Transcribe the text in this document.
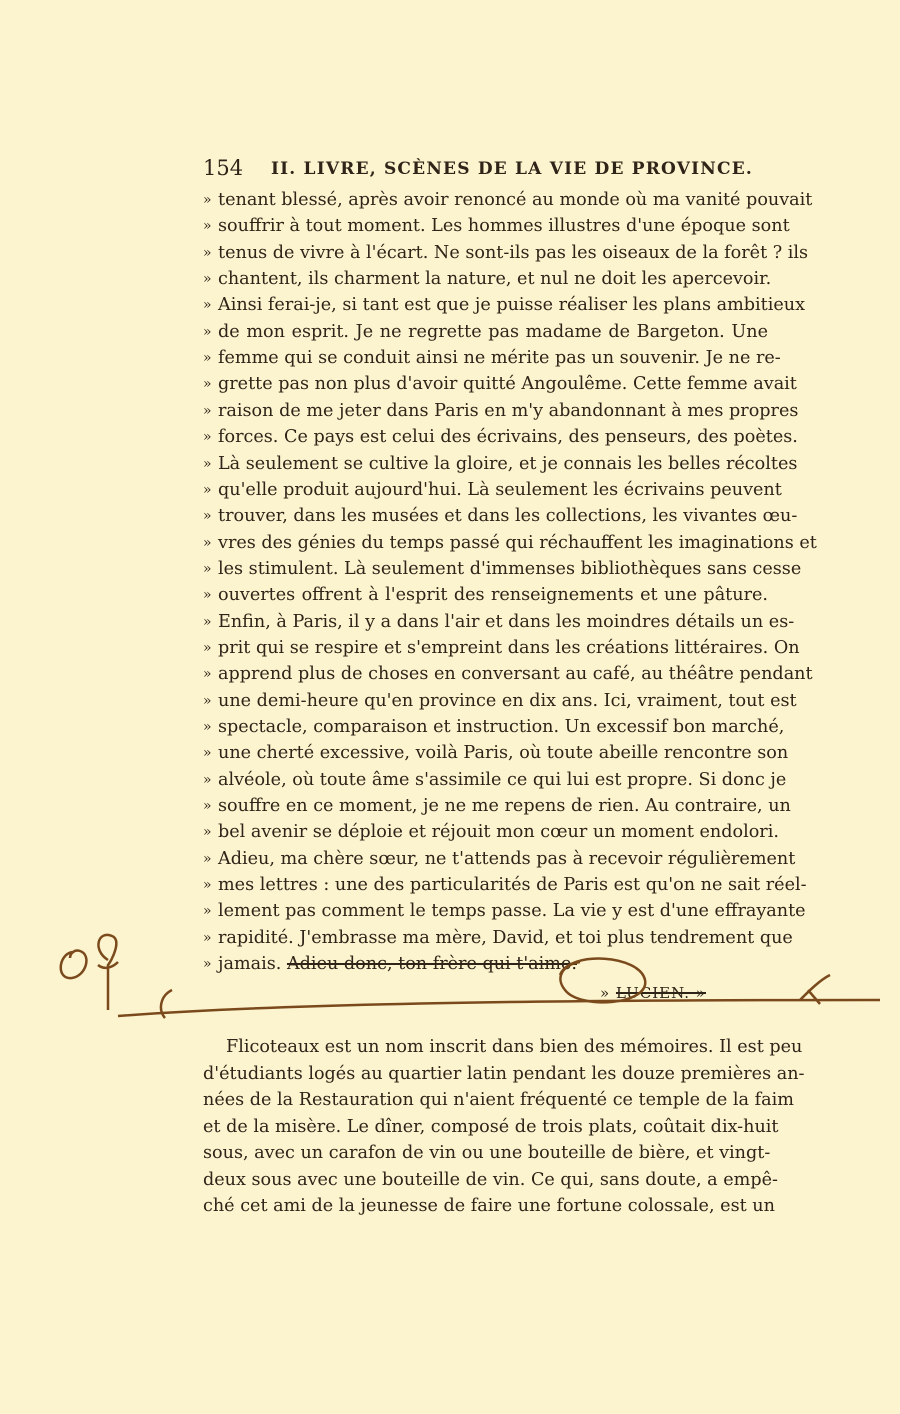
154 II. LIVRE, SCÈNES DE LA VIE DE PROVINCE.
» tenant blessé, après avoir renoncé au monde où ma vanité pouvait
» souffrir à tout moment. Les hommes illustres d'une époque sont
» tenus de vivre à l'écart. Ne sont-ils pas les oiseaux de la forêt ? ils
» chantent, ils charment la nature, et nul ne doit les apercevoir.
» Ainsi ferai-je, si tant est que je puisse réaliser les plans ambitieux
» de mon esprit. Je ne regrette pas madame de Bargeton. Une
» femme qui se conduit ainsi ne mérite pas un souvenir. Je ne re-
» grette pas non plus d'avoir quitté Angoulême. Cette femme avait
» raison de me jeter dans Paris en m'y abandonnant à mes propres
» forces. Ce pays est celui des écrivains, des penseurs, des poètes.
» Là seulement se cultive la gloire, et je connais les belles récoltes
» qu'elle produit aujourd'hui. Là seulement les écrivains peuvent
» trouver, dans les musées et dans les collections, les vivantes œu-
» vres des génies du temps passé qui réchauffent les imaginations et
» les stimulent. Là seulement d'immenses bibliothèques sans cesse
» ouvertes offrent à l'esprit des renseignements et une pâture.
» Enfin, à Paris, il y a dans l'air et dans les moindres détails un es-
» prit qui se respire et s'empreint dans les créations littéraires. On
» apprend plus de choses en conversant au café, au théâtre pendant
» une demi-heure qu'en province en dix ans. Ici, vraiment, tout est
» spectacle, comparaison et instruction. Un excessif bon marché,
» une cherté excessive, voilà Paris, où toute abeille rencontre son
» alvéole, où toute âme s'assimile ce qui lui est propre. Si donc je
» souffre en ce moment, je ne me repens de rien. Au contraire, un
» bel avenir se déploie et réjouit mon cœur un moment endolori.
» Adieu, ma chère sœur, ne t'attends pas à recevoir régulièrement
» mes lettres : une des particularités de Paris est qu'on ne sait réel-
» lement pas comment le temps passe. La vie y est d'une effrayante
» rapidité. J'embrasse ma mère, David, et toi plus tendrement que
» jamais. Adieu donc, ton frère qui t'aime.
» LUCIEN. »
Flicoteaux est un nom inscrit dans bien des mémoires. Il est peu
d'étudiants logés au quartier latin pendant les douze premières an-
nées de la Restauration qui n'aient fréquenté ce temple de la faim
et de la misère. Le dîner, composé de trois plats, coûtait dix-huit
sous, avec un carafon de vin ou une bouteille de bière, et vingt-
deux sous avec une bouteille de vin. Ce qui, sans doute, a empê-
ché cet ami de la jeunesse de faire une fortune colossale, est un
